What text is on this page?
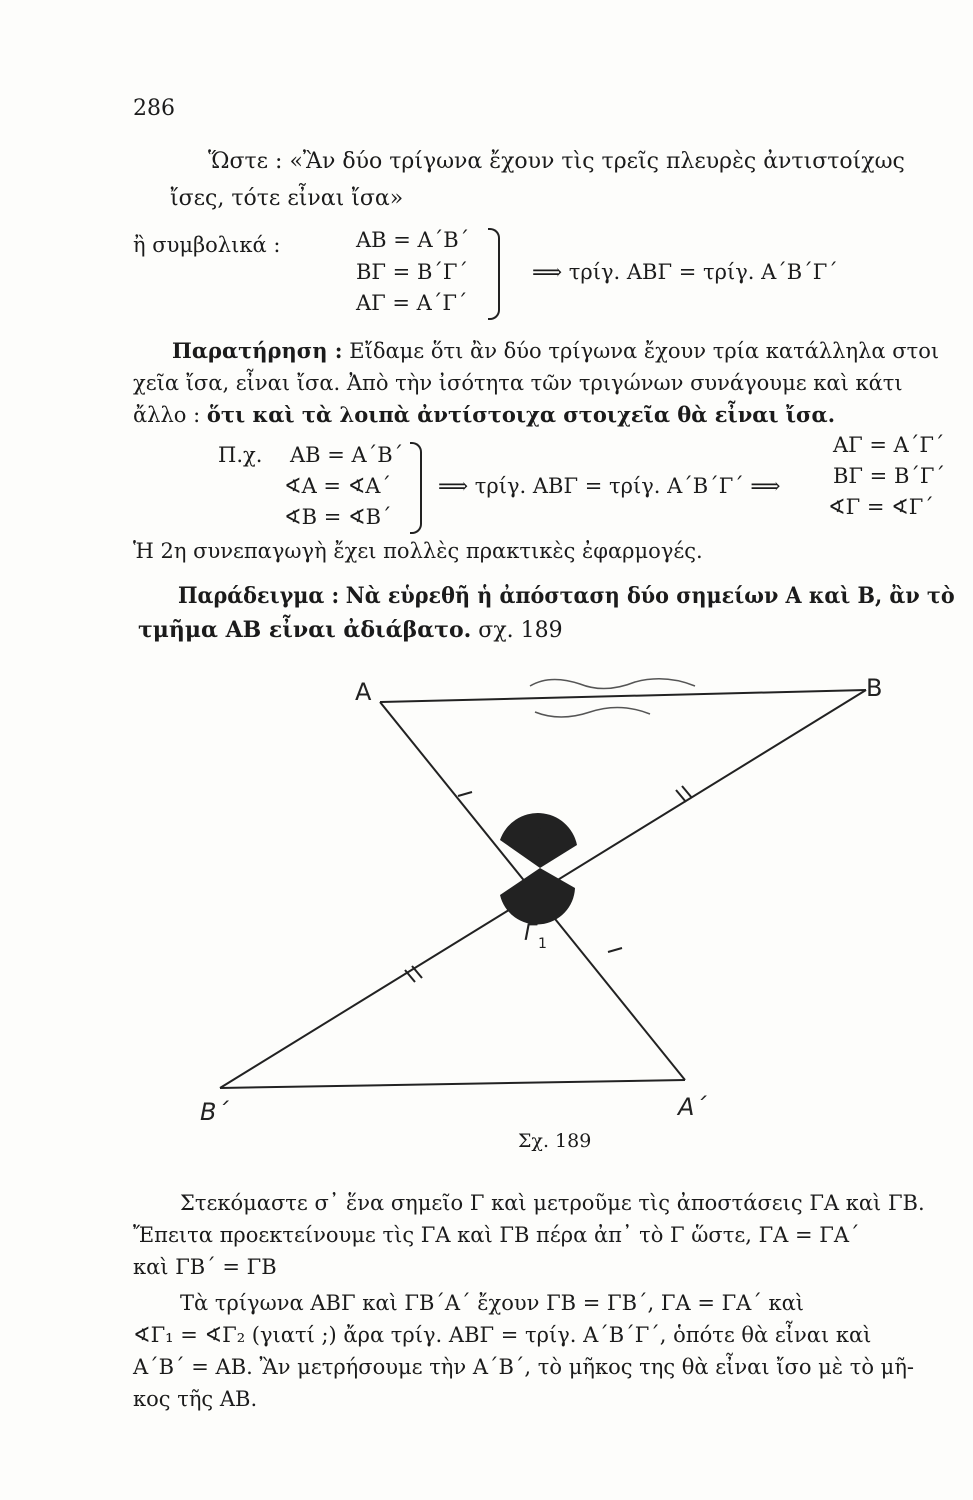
286
Ὥστε : «Ἂν δύο τρίγωνα ἔχουν τὶς τρεῖς πλευρὲς ἀντιστοίχως
ἴσες, τότε εἶναι ἴσα»
ἢ συμβολικά :	ΑΒ = Α΄Β΄
ΒΓ = Β΄Γ΄
ΑΓ = Α΄Γ΄
⟹ τρίγ. ΑΒΓ = τρίγ. Α΄Β΄Γ΄
Παρατήρηση : Εἴδαμε ὅτι ἂν δύο τρίγωνα ἔχουν τρία κατάλληλα στοι
χεῖα ἴσα, εἶναι ἴσα. Ἀπὸ τὴν ἰσότητα τῶν τριγώνων συνάγουμε καὶ κάτι
ἄλλο : ὅτι καὶ τὰ λοιπὰ ἀντίστοιχα στοιχεῖα θὰ εἶναι ἴσα.
Π.χ. ΑΒ = Α΄Β΄
∢Α = ∢Α΄
∢Β = ∢Β΄
⟹ τρίγ. ΑΒΓ = τρίγ. Α΄Β΄Γ΄ ⟹
ΑΓ = Α΄Γ΄
ΒΓ = Β΄Γ΄
∢Γ = ∢Γ΄
Ἡ 2η συνεπαγωγὴ ἔχει πολλὲς πρακτικὲς ἐφαρμογές.
Παράδειγμα : Νὰ εὑρεθῆ ἡ ἀπόσταση δύο σημείων Α καὶ Β, ἂν τὸ
τμῆμα ΑΒ εἶναι ἀδιάβατο. σχ. 189
A	B
Γ
Γ 1
B΄	A΄
Σχ. 189
Στεκόμαστε σ᾽ ἕνα σημεῖο Γ καὶ μετροῦμε τὶς ἀποστάσεις ΓΑ καὶ ΓΒ.
Ἔπειτα προεκτείνουμε τὶς ΓΑ καὶ ΓΒ πέρα ἀπ᾽ τὸ Γ ὥστε, ΓΑ = ΓΑ΄
καὶ ΓΒ΄ = ΓΒ
Τὰ τρίγωνα ΑΒΓ καὶ ΓΒ΄Α΄ ἔχουν ΓΒ = ΓΒ΄, ΓΑ = ΓΑ΄ καὶ
∢Γ₁ = ∢Γ₂ (γιατί ;) ἄρα τρίγ. ΑΒΓ = τρίγ. Α΄Β΄Γ΄, ὁπότε θὰ εἶναι καὶ
Α΄Β΄ = ΑΒ. Ἂν μετρήσουμε τὴν Α΄Β΄, τὸ μῆκος της θὰ εἶναι ἴσο μὲ τὸ μῆ-
κος τῆς ΑΒ.
